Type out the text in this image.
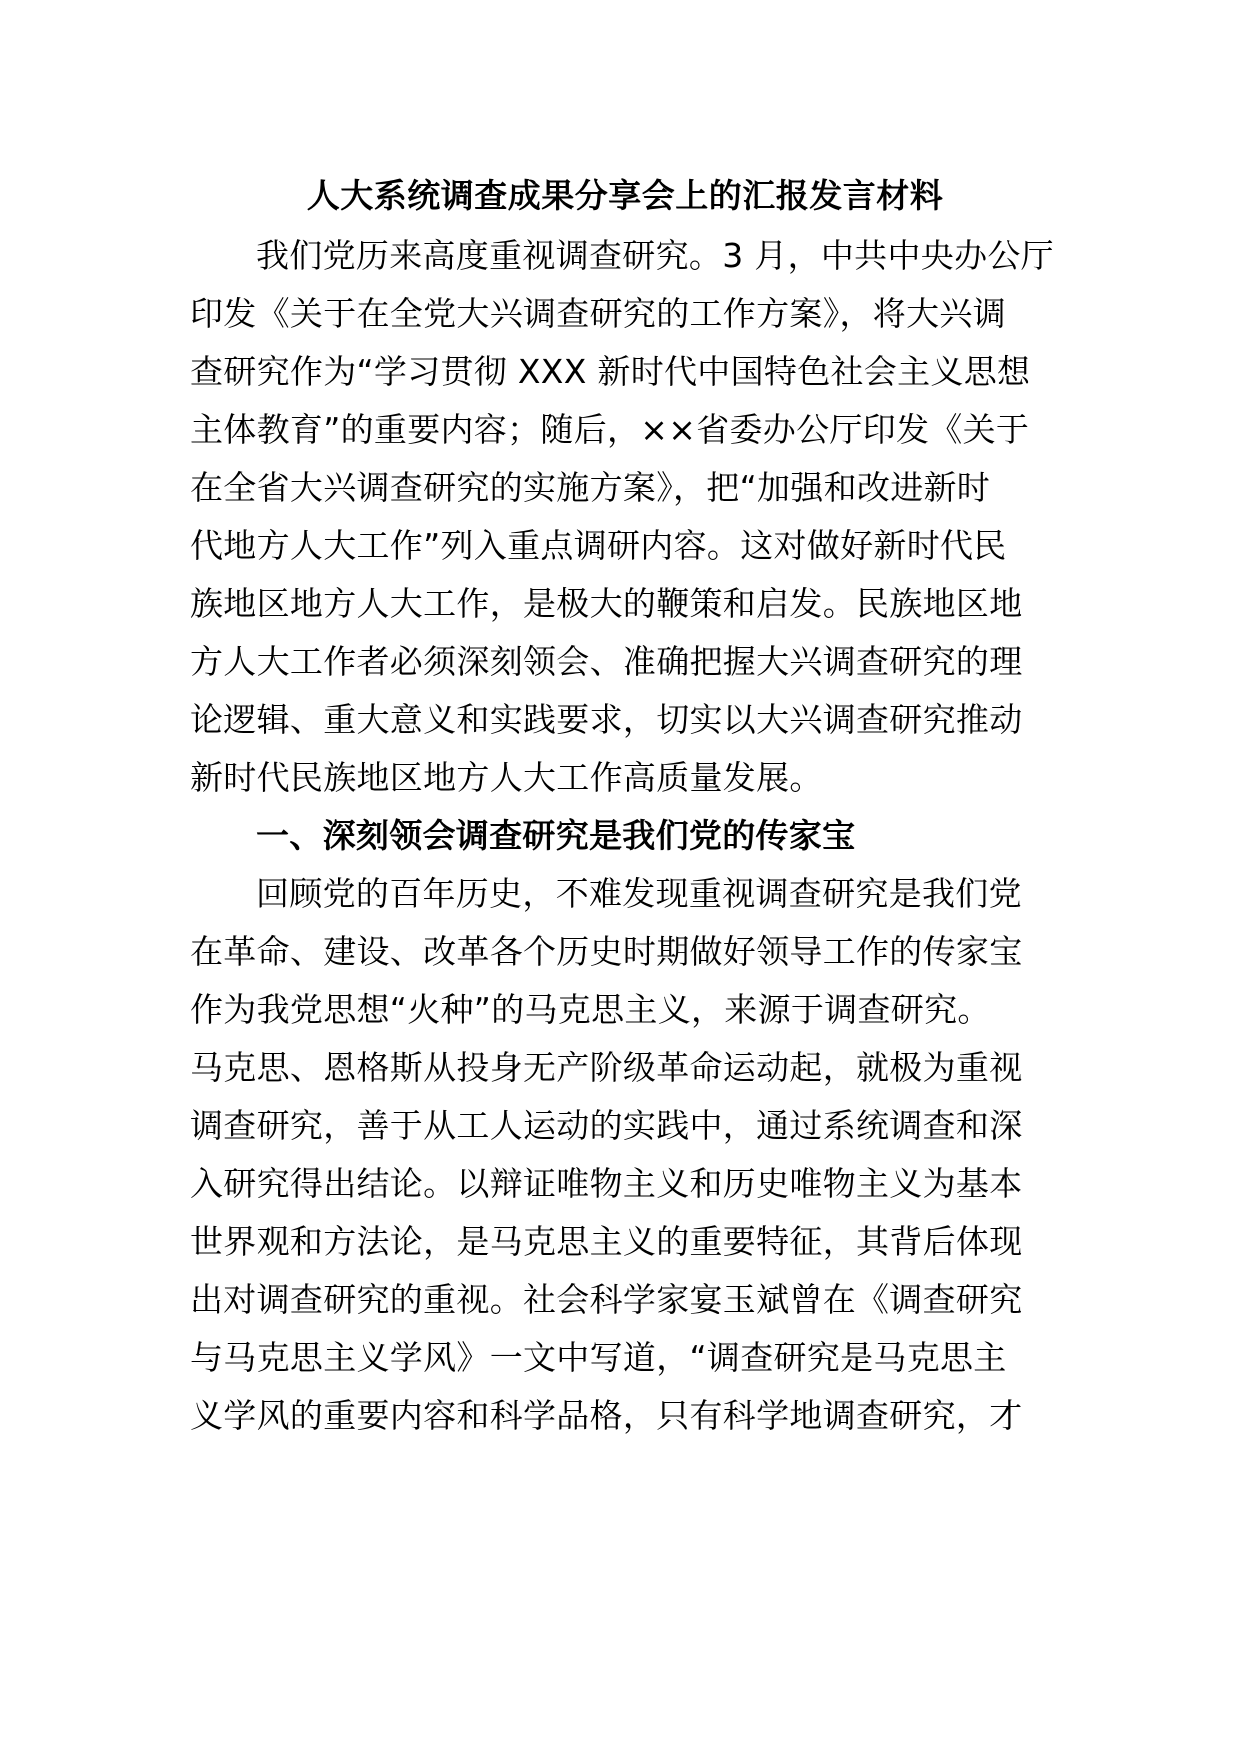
人大系统调查成果分享会上的汇报发言材料

我们党历来高度重视调查研究。3 月，中共中央办公厅

印发《关于在全党大兴调查研究的工作方案》，将大兴调

查研究作为“学习贯彻 XXX 新时代中国特色社会主义思想

主体教育”的重要内容；随后，××省委办公厅印发《关于

在全省大兴调查研究的实施方案》，把“加强和改进新时

代地方人大工作”列入重点调研内容。这对做好新时代民

族地区地方人大工作，是极大的鞭策和启发。民族地区地

方人大工作者必须深刻领会、准确把握大兴调查研究的理

论逻辑、重大意义和实践要求，切实以大兴调查研究推动

新时代民族地区地方人大工作高质量发展。

一、深刻领会调查研究是我们党的传家宝

回顾党的百年历史，不难发现重视调查研究是我们党

在革命、建设、改革各个历史时期做好领导工作的传家宝

作为我党思想“火种”的马克思主义，来源于调查研究。

马克思、恩格斯从投身无产阶级革命运动起，就极为重视

调查研究，善于从工人运动的实践中，通过系统调查和深

入研究得出结论。以辩证唯物主义和历史唯物主义为基本

世界观和方法论，是马克思主义的重要特征，其背后体现

出对调查研究的重视。社会科学家宴玉斌曾在《调查研究

与马克思主义学风》一文中写道，“调查研究是马克思主

义学风的重要内容和科学品格，只有科学地调查研究，才
